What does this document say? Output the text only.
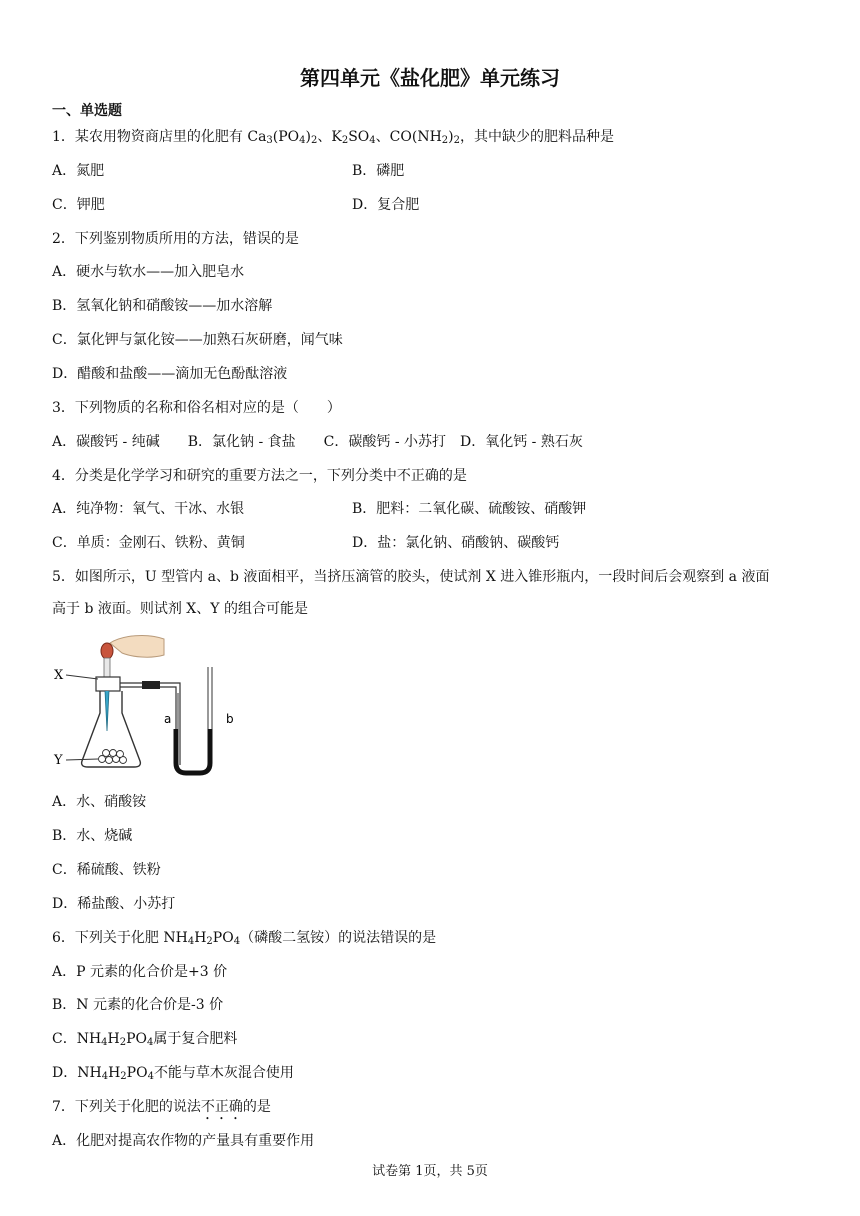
第四单元《盐化肥》单元练习
一、单选题
1．某农用物资商店里的化肥有 $Ca_3(PO_4)_2$、$K_2SO_4$、$CO(NH_2)_2$，其中缺少的肥料品种是
A．氮肥	B．磷肥
C．钾肥	D．复合肥
2．下列鉴别物质所用的方法，错误的是
A．硬水与软水——加入肥皂水
B．氢氧化钠和硝酸铵——加水溶解
C．氯化钾与氯化铵——加熟石灰研磨，闻气味
D．醋酸和盐酸——滴加无色酚酞溶液
3．下列物质的名称和俗名相对应的是（　　）
A．碳酸钙 - 纯碱　　B．氯化钠 - 食盐　　C．碳酸钙 - 小苏打　D．氧化钙 - 熟石灰
4．分类是化学学习和研究的重要方法之一，下列分类中不正确的是
A．纯净物：氧气、干冰、水银	B．肥料：二氧化碳、硫酸铵、硝酸钾
C．单质：金刚石、铁粉、黄铜	D．盐：氯化钠、硝酸钠、碳酸钙
5．如图所示，U 型管内 a、b 液面相平，当挤压滴管的胶头，使试剂 X 进入锥形瓶内，一段时间后会观察到 a 液面
高于 b 液面。则试剂 X、Y 的组合可能是
X
Y
a	b
A．水、硝酸铵
B．水、烧碱
C．稀硫酸、铁粉
D．稀盐酸、小苏打
6．下列关于化肥 $NH_4H_2PO_4$（磷酸二氢铵）的说法错误的是
A．P 元素的化合价是+3 价
B．N 元素的化合价是-3 价
C．$NH_4H_2PO_4$属于复合肥料
D．$NH_4H_2PO_4$不能与草木灰混合使用
7．下列关于化肥的说法不正确的是
A．化肥对提高农作物的产量具有重要作用
试卷第 1页，共 5页
